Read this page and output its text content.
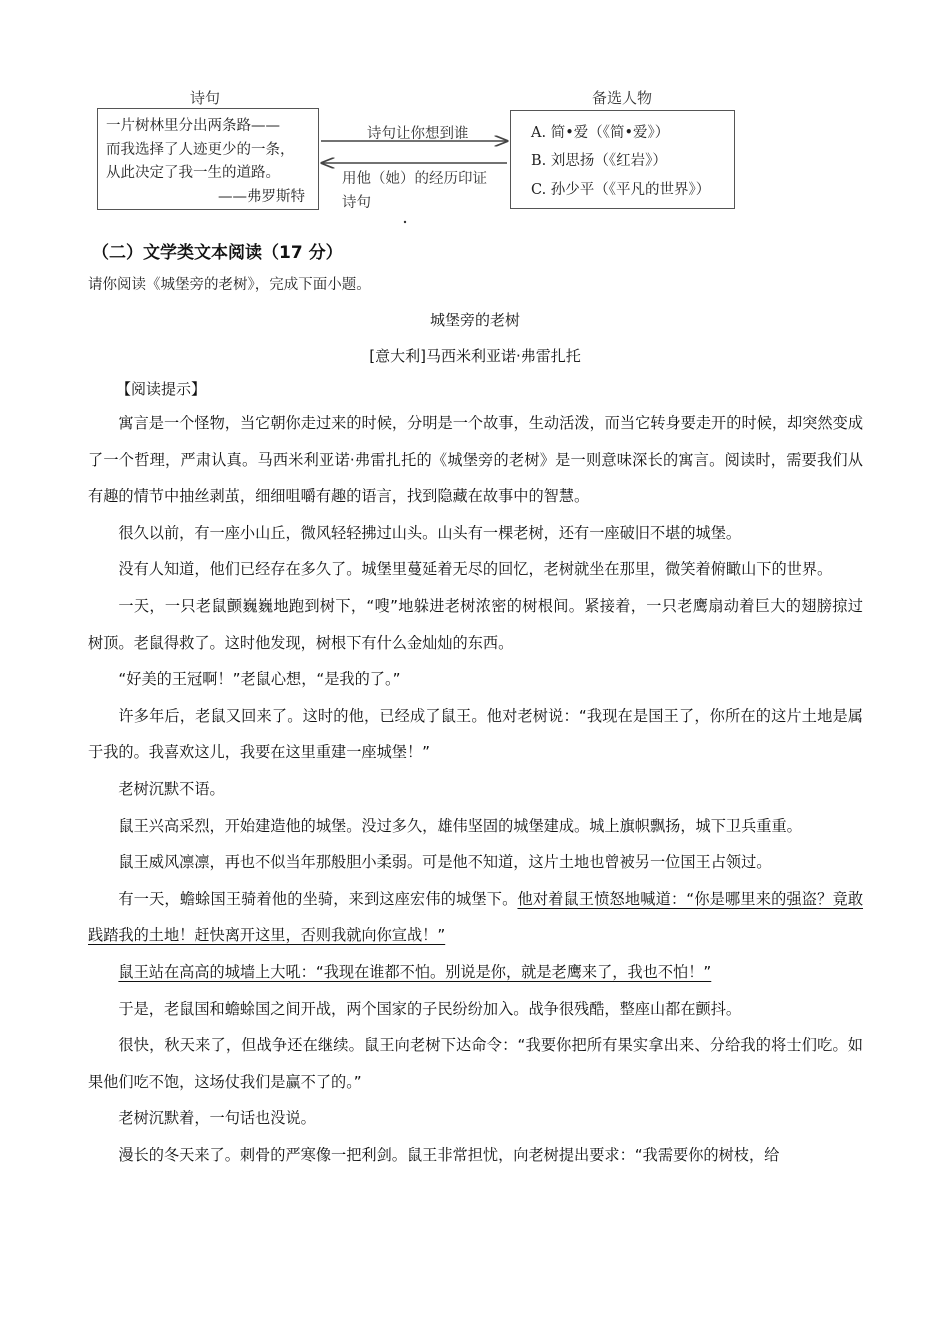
诗句	备选人物
一片树林里分出两条路——
而我选择了人迹更少的一条，
从此决定了我一生的道路。
——弗罗斯特
A. 简•爱（《简•爱》）
B. 刘思扬（《红岩》）
C. 孙少平（《平凡的世界》）
诗句让你想到谁
用他（她）的经历印证
诗句
（二）文学类文本阅读（17 分）
请你阅读《城堡旁的老树》，完成下面小题。
城堡旁的老树
[意大利]马西米利亚诺·弗雷扎托
【阅读提示】

寓言是一个怪物，当它朝你走过来的时候，分明是一个故事，生动活泼，而当它转身要走开的时候，却突然变成了一个哲理，严肃认真。马西米利亚诺·弗雷扎托的《城堡旁的老树》是一则意味深长的寓言。阅读时，需要我们从有趣的情节中抽丝剥茧，细细咀嚼有趣的语言，找到隐藏在故事中的智慧。

很久以前，有一座小山丘，微风轻轻拂过山头。山头有一棵老树，还有一座破旧不堪的城堡。

没有人知道，他们已经存在多久了。城堡里蔓延着无尽的回忆，老树就坐在那里，微笑着俯瞰山下的世界。

一天，一只老鼠颤巍巍地跑到树下，“嗖”地躲进老树浓密的树根间。紧接着，一只老鹰扇动着巨大的翅膀掠过树顶。老鼠得救了。这时他发现，树根下有什么金灿灿的东西。

“好美的王冠啊！”老鼠心想，“是我的了。”

许多年后，老鼠又回来了。这时的他，已经成了鼠王。他对老树说：“我现在是国王了，你所在的这片土地是属于我的。我喜欢这儿，我要在这里重建一座城堡！”

老树沉默不语。

鼠王兴高采烈，开始建造他的城堡。没过多久，雄伟坚固的城堡建成。城上旗帜飘扬，城下卫兵重重。

鼠王威风凛凛，再也不似当年那般胆小柔弱。可是他不知道，这片土地也曾被另一位国王占领过。

有一天，蟾蜍国王骑着他的坐骑，来到这座宏伟的城堡下。他对着鼠王愤怒地喊道：“你是哪里来的强盗？竟敢践踏我的土地！赶快离开这里，否则我就向你宣战！”

鼠王站在高高的城墙上大吼：“我现在谁都不怕。别说是你，就是老鹰来了，我也不怕！”

于是，老鼠国和蟾蜍国之间开战，两个国家的子民纷纷加入。战争很残酷，整座山都在颤抖。

很快，秋天来了，但战争还在继续。鼠王向老树下达命令：“我要你把所有果实拿出来、分给我的将士们吃。如果他们吃不饱，这场仗我们是赢不了的。”

老树沉默着，一句话也没说。

漫长的冬天来了。刺骨的严寒像一把利剑。鼠王非常担忧，向老树提出要求：“我需要你的树枝，给
